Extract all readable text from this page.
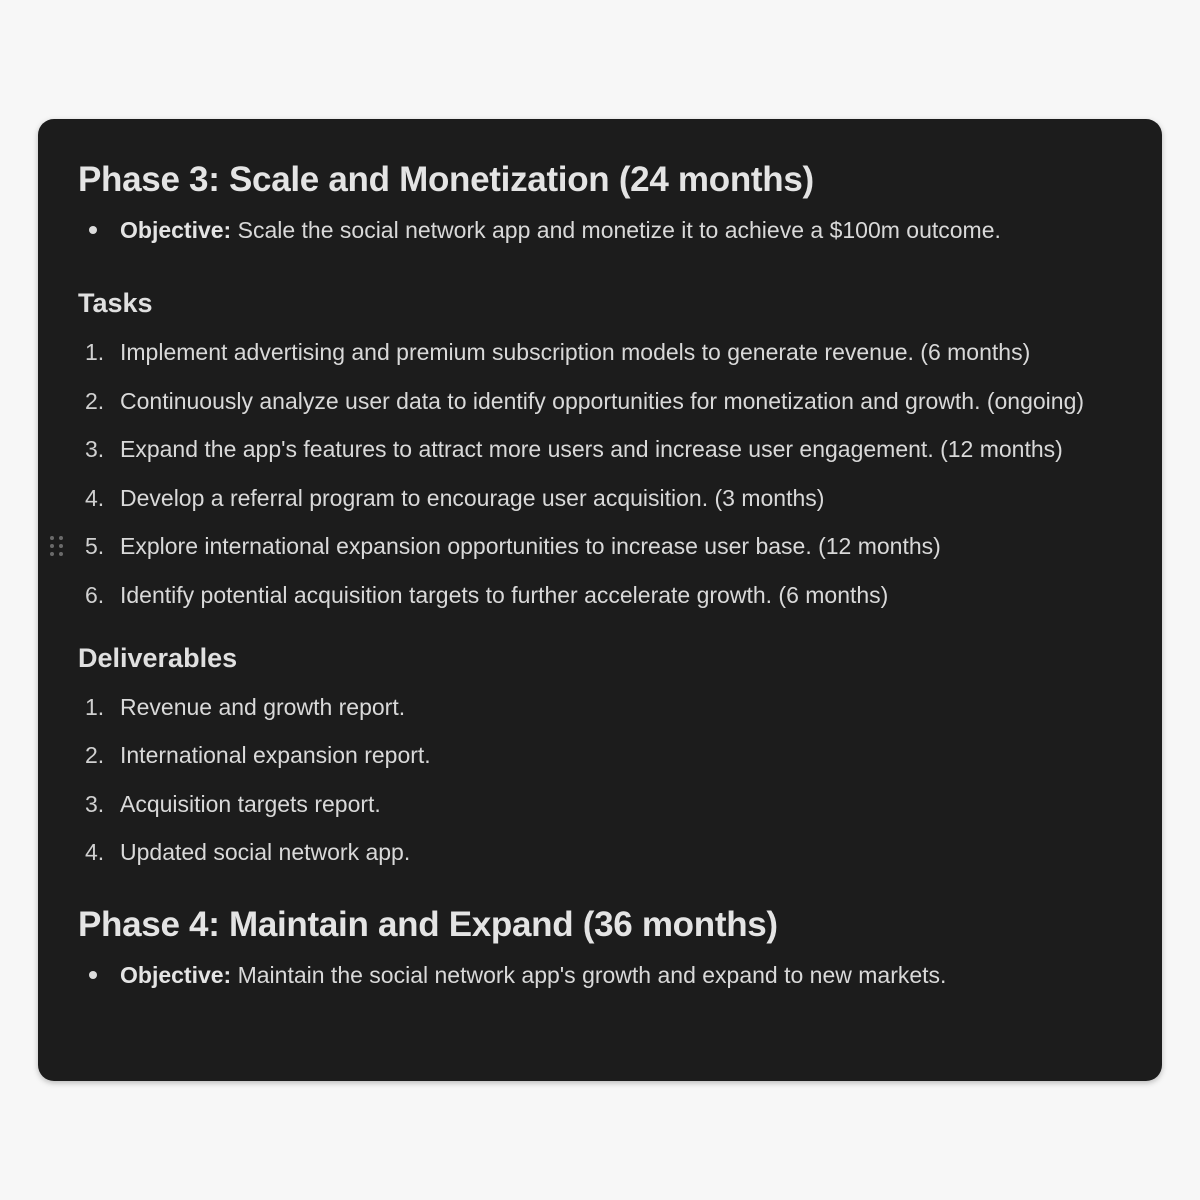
Phase 3: Scale and Monetization (24 months)
Objective: Scale the social network app and monetize it to achieve a $100m outcome.
Tasks
1. Implement advertising and premium subscription models to generate revenue. (6 months)
2. Continuously analyze user data to identify opportunities for monetization and growth. (ongoing)
3. Expand the app's features to attract more users and increase user engagement. (12 months)
4. Develop a referral program to encourage user acquisition. (3 months)
5. Explore international expansion opportunities to increase user base. (12 months)
6. Identify potential acquisition targets to further accelerate growth. (6 months)
Deliverables
1. Revenue and growth report.
2. International expansion report.
3. Acquisition targets report.
4. Updated social network app.
Phase 4: Maintain and Expand (36 months)
Objective: Maintain the social network app's growth and expand to new markets.
